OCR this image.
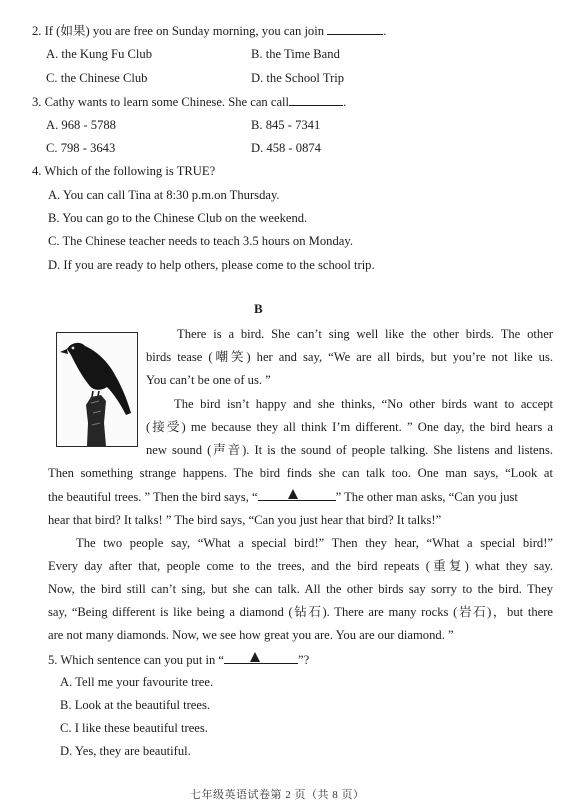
2. If (如果) you are free on Sunday morning, you can join	.
A. the Kung Fu Club	B. the Time Band
C. the Chinese Club	D. the School Trip
3. Cathy wants to learn some Chinese. She can call	.
A. 968 - 5788	B. 845 - 7341
C. 798 - 3643	D. 458 - 0874
4. Which of the following is TRUE?
A. You can call Tina at 8:30 p.m.on Thursday.
B. You can go to the Chinese Club on the weekend.
C. The Chinese teacher needs to teach 3.5 hours on Monday.
D. If you are ready to help others, please come to the school trip.
B
There is a bird. She can’t sing well like the other birds. The other
birds tease (嘲笑) her and say, “We are all birds, but you’re not like us.
You can’t be one of us. ”
The bird isn’t happy and she thinks, “No other birds want to accept
(接受) me because they all think I’m different. ” One day, the bird hears a
new sound (声音). It is the sound of people talking. She listens and listens.
Then something strange happens. The bird finds she can talk too. One man says, “Look at
the beautiful trees. ” Then the bird says, “	” The other man asks, “Can you just
hear that bird? It talks! ” The bird says, “Can you just hear that bird? It talks!”
The two people say, “What a special bird!” Then they hear, “What a special bird!”
Every day after that, people come to the trees, and the bird repeats (重复) what they say.
Now, the bird still can’t sing, but she can talk. All the other birds say sorry to the bird. They
say, “Being different is like being a diamond (钻石). There are many rocks (岩石)，but there
are not many diamonds. Now, we see how great you are. You are our diamond. ”
5. Which sentence can you put in “	”?
A. Tell me your favourite tree.
B. Look at the beautiful trees.
C. I like these beautiful trees.
D. Yes, they are beautiful.
七年级英语试卷第 2 页（共 8 页）
